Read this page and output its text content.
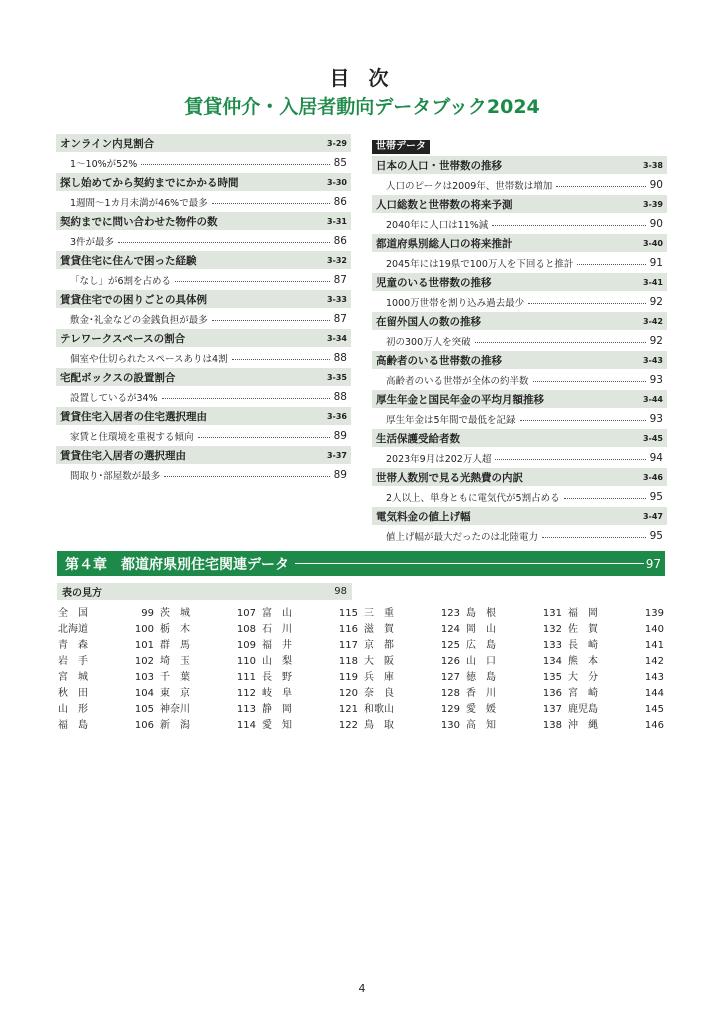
目 次
賃貸仲介・入居者動向データブック2024
オンライン内見割合	3-29
1～10%が52%	85
探し始めてから契約までにかかる時間	3-30
1週間～1カ月未満が46%で最多	86
契約までに問い合わせた物件の数	3-31
3件が最多	86
賃貸住宅に住んで困った経験	3-32
「なし」が6割を占める	87
賃貸住宅での困りごとの具体例	3-33
敷金･礼金などの金銭負担が最多	87
テレワークスペースの割合	3-34
個室や仕切られたスペースありは4割	88
宅配ボックスの設置割合	3-35
設置しているが34%	88
賃貸住宅入居者の住宅選択理由	3-36
家賃と住環境を重視する傾向	89
賃貸住宅入居者の選択理由	3-37
間取り･部屋数が最多	89
世帯データ
日本の人口・世帯数の推移	3-38
人口のピークは2009年、世帯数は増加	90
人口総数と世帯数の将来予測	3-39
2040年に人口は11%減	90
都道府県別総人口の将来推計	3-40
2045年には19県で100万人を下回ると推計	91
児童のいる世帯数の推移	3-41
1000万世帯を割り込み過去最少	92
在留外国人の数の推移	3-42
初の300万人を突破	92
高齢者のいる世帯数の推移	3-43
高齢者のいる世帯が全体の約半数	93
厚生年金と国民年金の平均月額推移	3-44
厚生年金は5年間で最低を記録	93
生活保護受給者数	3-45
2023年9月は202万人超	94
世帯人数別で見る光熱費の内訳	3-46
2人以上、単身ともに電気代が5割占める	95
電気料金の値上げ幅	3-47
値上げ幅が最大だったのは北陸電力	95
第４章　都道府県別住宅関連データ	97
表の見方	98
全　国	99
北海道	100
青　森	101
岩　手	102
宮　城	103
秋　田	104
山　形	105
福　島	106
茨　城	107
栃　木	108
群　馬	109
埼　玉	110
千　葉	111
東　京	112
神奈川	113
新　潟	114
富　山	115
石　川	116
福　井	117
山　梨	118
長　野	119
岐　阜	120
静　岡	121
愛　知	122
三　重	123
滋　賀	124
京　都	125
大　阪	126
兵　庫	127
奈　良	128
和歌山	129
鳥　取	130
島　根	131
岡　山	132
広　島	133
山　口	134
徳　島	135
香　川	136
愛　媛	137
高　知	138
福　岡	139
佐　賀	140
長　崎	141
熊　本	142
大　分	143
宮　崎	144
鹿児島	145
沖　縄	146
4
